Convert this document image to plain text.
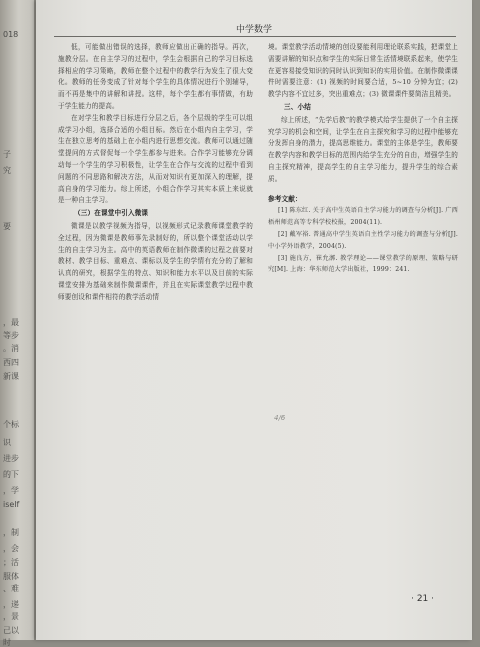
018
子
究
要
，最
等步
。消
西四
新课
个标
识
进步
的下
，学
iself
，制
，会
；活
服体
、难
，递
，景
己以
时
中学数学

低，可能做出错误的选择，教师应做出正确的指导。再次，施教分层。在自主学习的过程中，学生会根据自己的学习目标选择相应的学习策略，教师在整个过程中的教学行为发生了很大变化。教师的任务变成了针对每个学生的具体情况进行个别辅导，而不再是集中的讲解和讲授。这样，每个学生都有事情做，有助于学生能力的提高。

在对学生和教学目标进行分层之后，各个层级的学生可以组成学习小组，选择合适的小组目标。然后在小组内自主学习，学生在独立思考的基础上在小组内进行思想交流。教师可以通过随堂提问的方式督促每一个学生都参与进来。合作学习能够充分调动每一个学生的学习积极性，让学生在合作与交流的过程中看到问题的不同思路和解决方法，从而对知识有更加深入的理解，提高自身的学习能力。综上所述，小组合作学习其实本质上来说就是一种自主学习。

（三）在课堂中引入微课

微课是以教学视频为指导，以视频形式记录教师课堂教学的全过程，因为微课是教师事先录制好的，所以整个课堂活动以学生的自主学习为主。高中的英语教师在制作微课的过程之前要对教材、教学目标、重难点、课标以及学生的学情有充分的了解和认真的研究，根据学生的特点、知识和能力水平以及目前的实际课堂安排为基础来制作微课课件，并且在实际课堂教学过程中教师要创设和课件相符的教学活动情

境。课堂教学活动情境的创设要能利用理论联系实践，把课堂上需要讲解的知识点和学生的实际日常生活情境联系起来，使学生在更容易接受知识的同时认识到知识的实用价值。在制作微课课件时需要注意：(1) 视频的时间要合适，5~10 分钟为宜；(2) 教学内容不宜过多，突出重难点；(3) 微课课件要简洁且精美。

三、小结

综上所述，“先学后教”的教学模式给学生提供了一个自主探究学习的机会和空间，让学生在自主探究和学习的过程中能够充分发挥自身的潜力，提高思维能力。课堂的主体是学生，教师要在教学内容和教学目标的范围内给学生充分的自由，增强学生的自主探究精神，提高学生的自主学习能力，提升学生的综合素质。

参考文献：

[1] 陈东红. 关于高中生英语自主学习能力的调查与分析[J]. 广西梧州师范高等专科学校校报，2004(11).

[2] 戴军裕. 普通高中学生英语自主性学习能力的调查与分析[J]. 中小学外语教学，2004(5).

[3] 施良方，崔允漷. 教学理论——课堂教学的原理、策略与研究[M]. 上海：华东师范大学出版社，1999：241.

4/6
· 21 ·
